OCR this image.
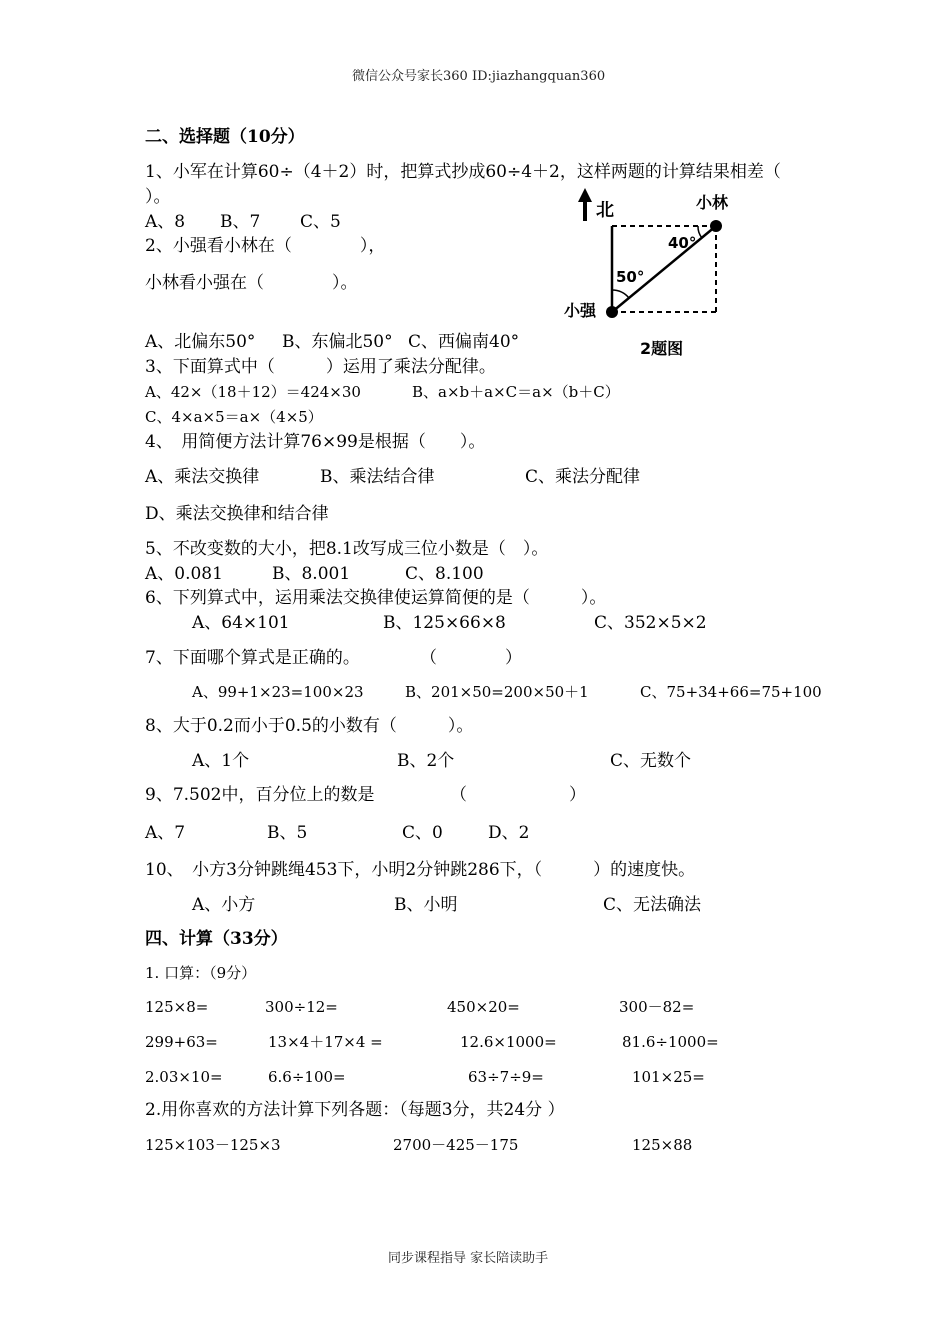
微信公众号家长360 ID:jiazhangquan360
二、选择题（10分）
1、小军在计算60÷（4＋2）时，把算式抄成60÷4＋2，这样两题的计算结果相差（
）。
A、8 B、7 C、5
2、小强看小林在（　　　　），
小林看小强在（　　　　）。
北	小林
小强
40°
50°
2题图
A、北偏东50° B、东偏北50° C、西偏南40°
3、下面算式中（　　　）运用了乘法分配律。
A、42×（18＋12）＝424×30	B、a×b＋a×C＝a×（b＋C）
C、4×a×5＝a×（4×5）
4、　用简便方法计算76×99是根据（　　）。
A、乘法交换律	B、乘法结合律	C、乘法分配律
D、乘法交换律和结合律
5、不改变数的大小，把8.1改写成三位小数是（　）。
A、0.081	B、8.001	C、8.100
6、下列算式中，运用乘法交换律使运算简便的是（　　　）。
A、64×101	B、125×66×8	C、352×5×2
7、下面哪个算式是正确的。	（　　　　）
A、99+1×23=100×23	B、201×50=200×50＋1	C、75+34+66=75+100
8、大于0.2而小于0.5的小数有（　　　）。
A、1个	B、2个	C、无数个
9、7.502中，百分位上的数是	（　　　　　　）
A、7	B、5	C、0	D、2
10、　小方3分钟跳绳453下，小明2分钟跳286下，（　　　）的速度快。
A、小方	B、小明	C、无法确法
四、计算（33分）
1. 口算：（9分）
125×8=	300÷12=	450×20=	300－82=
299+63=	13×4＋17×4 =	12.6×1000=	81.6÷1000=
2.03×10=	6.6÷100=	63÷7÷9=	101×25=
2.用你喜欢的方法计算下列各题：（每题3分，共24分 ）
125×103－125×3	2700－425－175	125×88
同步课程指导 家长陪读助手
